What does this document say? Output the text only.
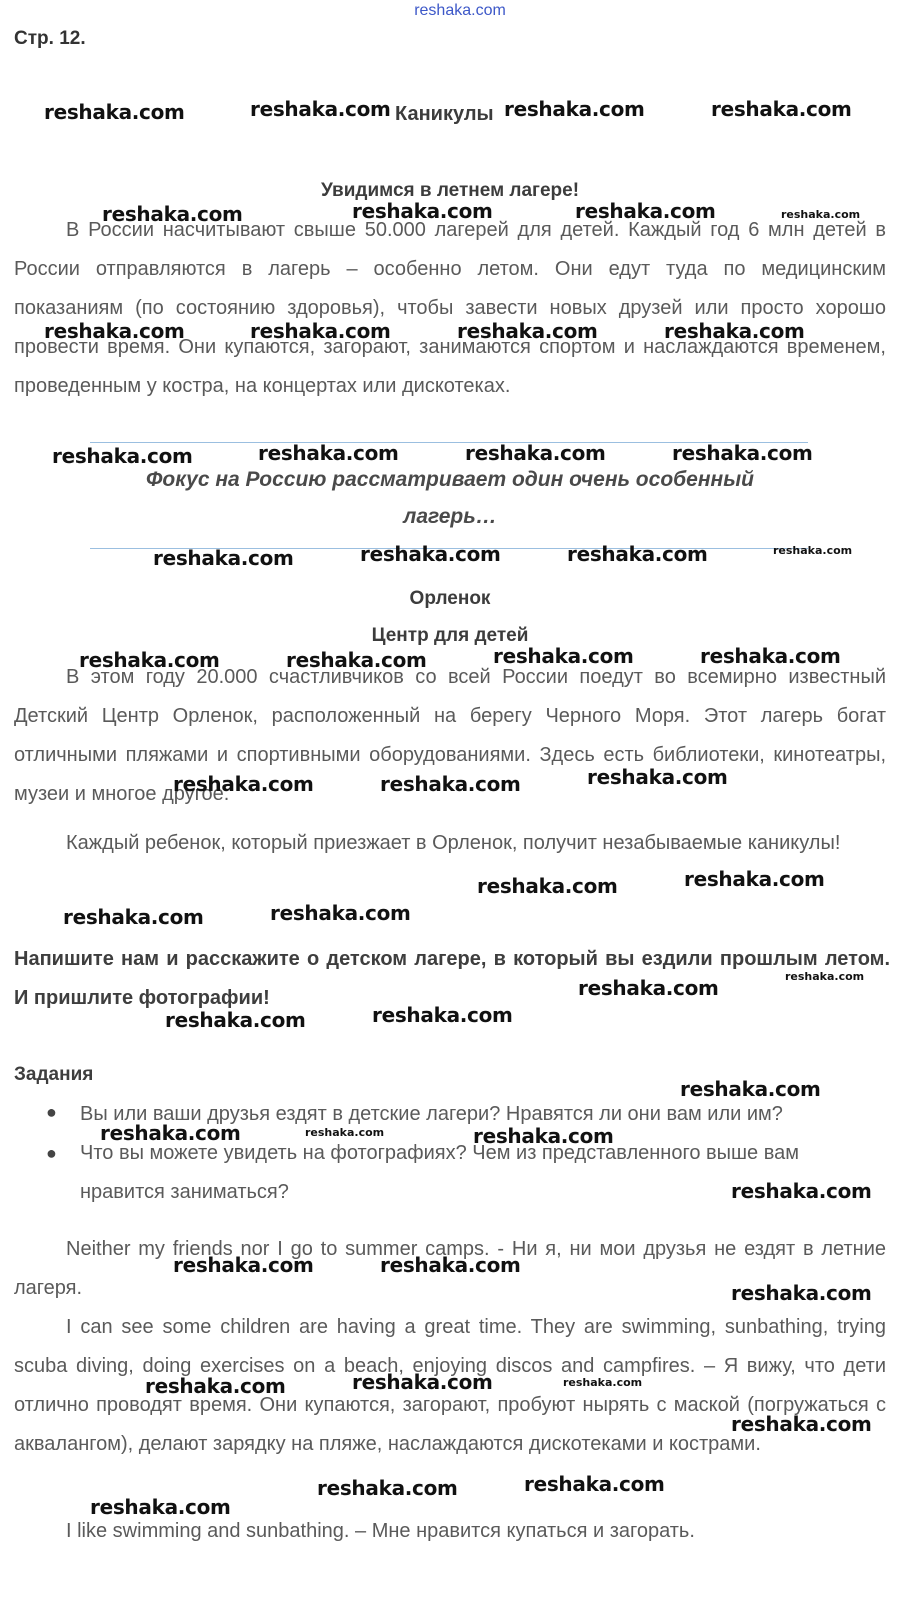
reshaka.com
Стр. 12.
Каникулы
Увидимся в летнем лагере!

В России насчитывают свыше 50.000 лагерей для детей. Каждый год 6 млн детей в России отправляются в лагерь – особенно летом. Они едут туда по медицинским показаниям (по состоянию здоровья), чтобы завести новых друзей или просто хорошо провести время. Они купаются, загорают, занимаются спортом и наслаждаются временем, проведенным у костра, на концертах или дискотеках.

Фокус на Россию рассматривает один очень особенный
лагерь…
Орленок
Центр для детей

В этом году 20.000 счастливчиков со всей России поедут во всемирно известный Детский Центр Орленок, расположенный на берегу Черного Моря. Этот лагерь богат отличными пляжами и спортивными оборудованиями. Здесь есть библиотеки, кинотеатры, музеи и многое другое.

Каждый ребенок, который приезжает в Орленок, получит незабываемые каникулы!

Напишите нам и расскажите о детском лагере, в который вы ездили прошлым летом. И пришлите фотографии!

Задания
● Вы или ваши друзья ездят в детские лагери? Нравятся ли они вам или им?
● Что вы можете увидеть на фотографиях? Чем из представленного выше вам нравится заниматься?

Neither my friends nor I go to summer camps. - Ни я, ни мои друзья не ездят в летние лагеря.

I can see some children are having a great time. They are swimming, sunbathing, trying scuba diving, doing exercises on a beach, enjoying discos and campfires. – Я вижу, что дети отлично проводят время. Они купаются, загорают, пробуют нырять с маской (погружаться с аквалангом), делают зарядку на пляже, наслаждаются дискотеками и кострами.

I like swimming and sunbathing. – Мне нравится купаться и загорать.

reshaka.com	reshaka.com	reshaka.com	reshaka.com
reshaka.com	reshaka.com	reshaka.com	reshaka.com
reshaka.com	reshaka.com	reshaka.com	reshaka.com
reshaka.com	reshaka.com	reshaka.com	reshaka.com
reshaka.com	reshaka.com	reshaka.com	reshaka.com
reshaka.com	reshaka.com	reshaka.com	reshaka.com
reshaka.com	reshaka.com	reshaka.com
reshaka.com	reshaka.com
reshaka.com	reshaka.com
reshaka.com
reshaka.com
reshaka.com	reshaka.com
reshaka.com
reshaka.com	reshaka.com	reshaka.com
reshaka.com
reshaka.com	reshaka.com
reshaka.com
reshaka.com	reshaka.com	reshaka.com
reshaka.com
reshaka.com	reshaka.com
reshaka.com
